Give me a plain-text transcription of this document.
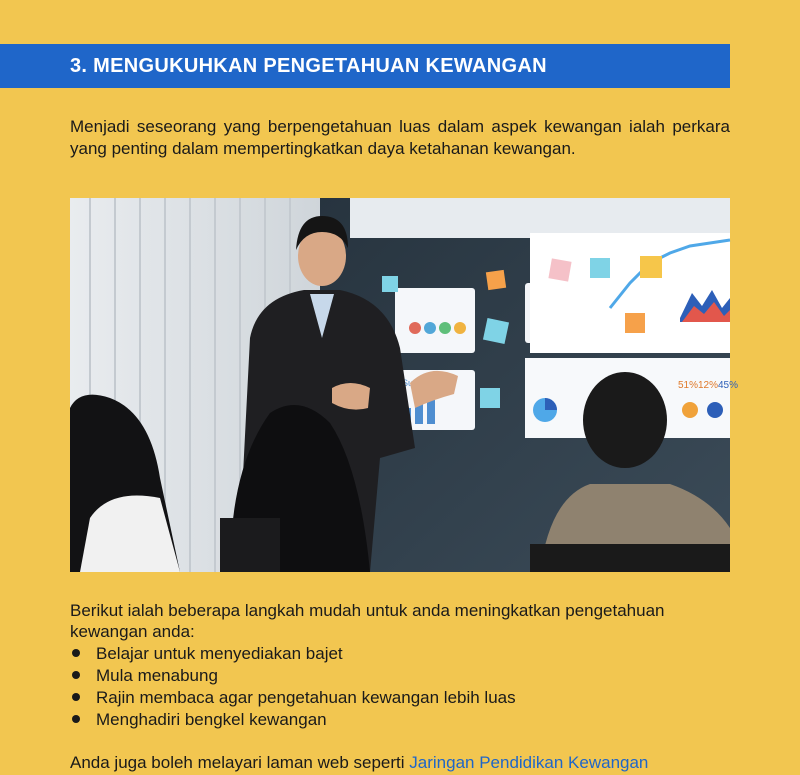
3. MENGUKUHKAN PENGETAHUAN KEWANGAN

Menjadi seseorang yang berpengetahuan luas dalam aspek kewangan ialah perkara yang penting dalam mempertingkatkan daya ketahanan kewangan.

51% 12% 45%
Berikut ialah beberapa langkah mudah untuk anda meningkatkan pengetahuan kewangan anda:
Belajar untuk menyediakan bajet
Mula menabung
Rajin membaca agar pengetahuan kewangan lebih luas
Menghadiri bengkel kewangan
Anda juga boleh melayari laman web seperti Jaringan Pendidikan Kewangan
